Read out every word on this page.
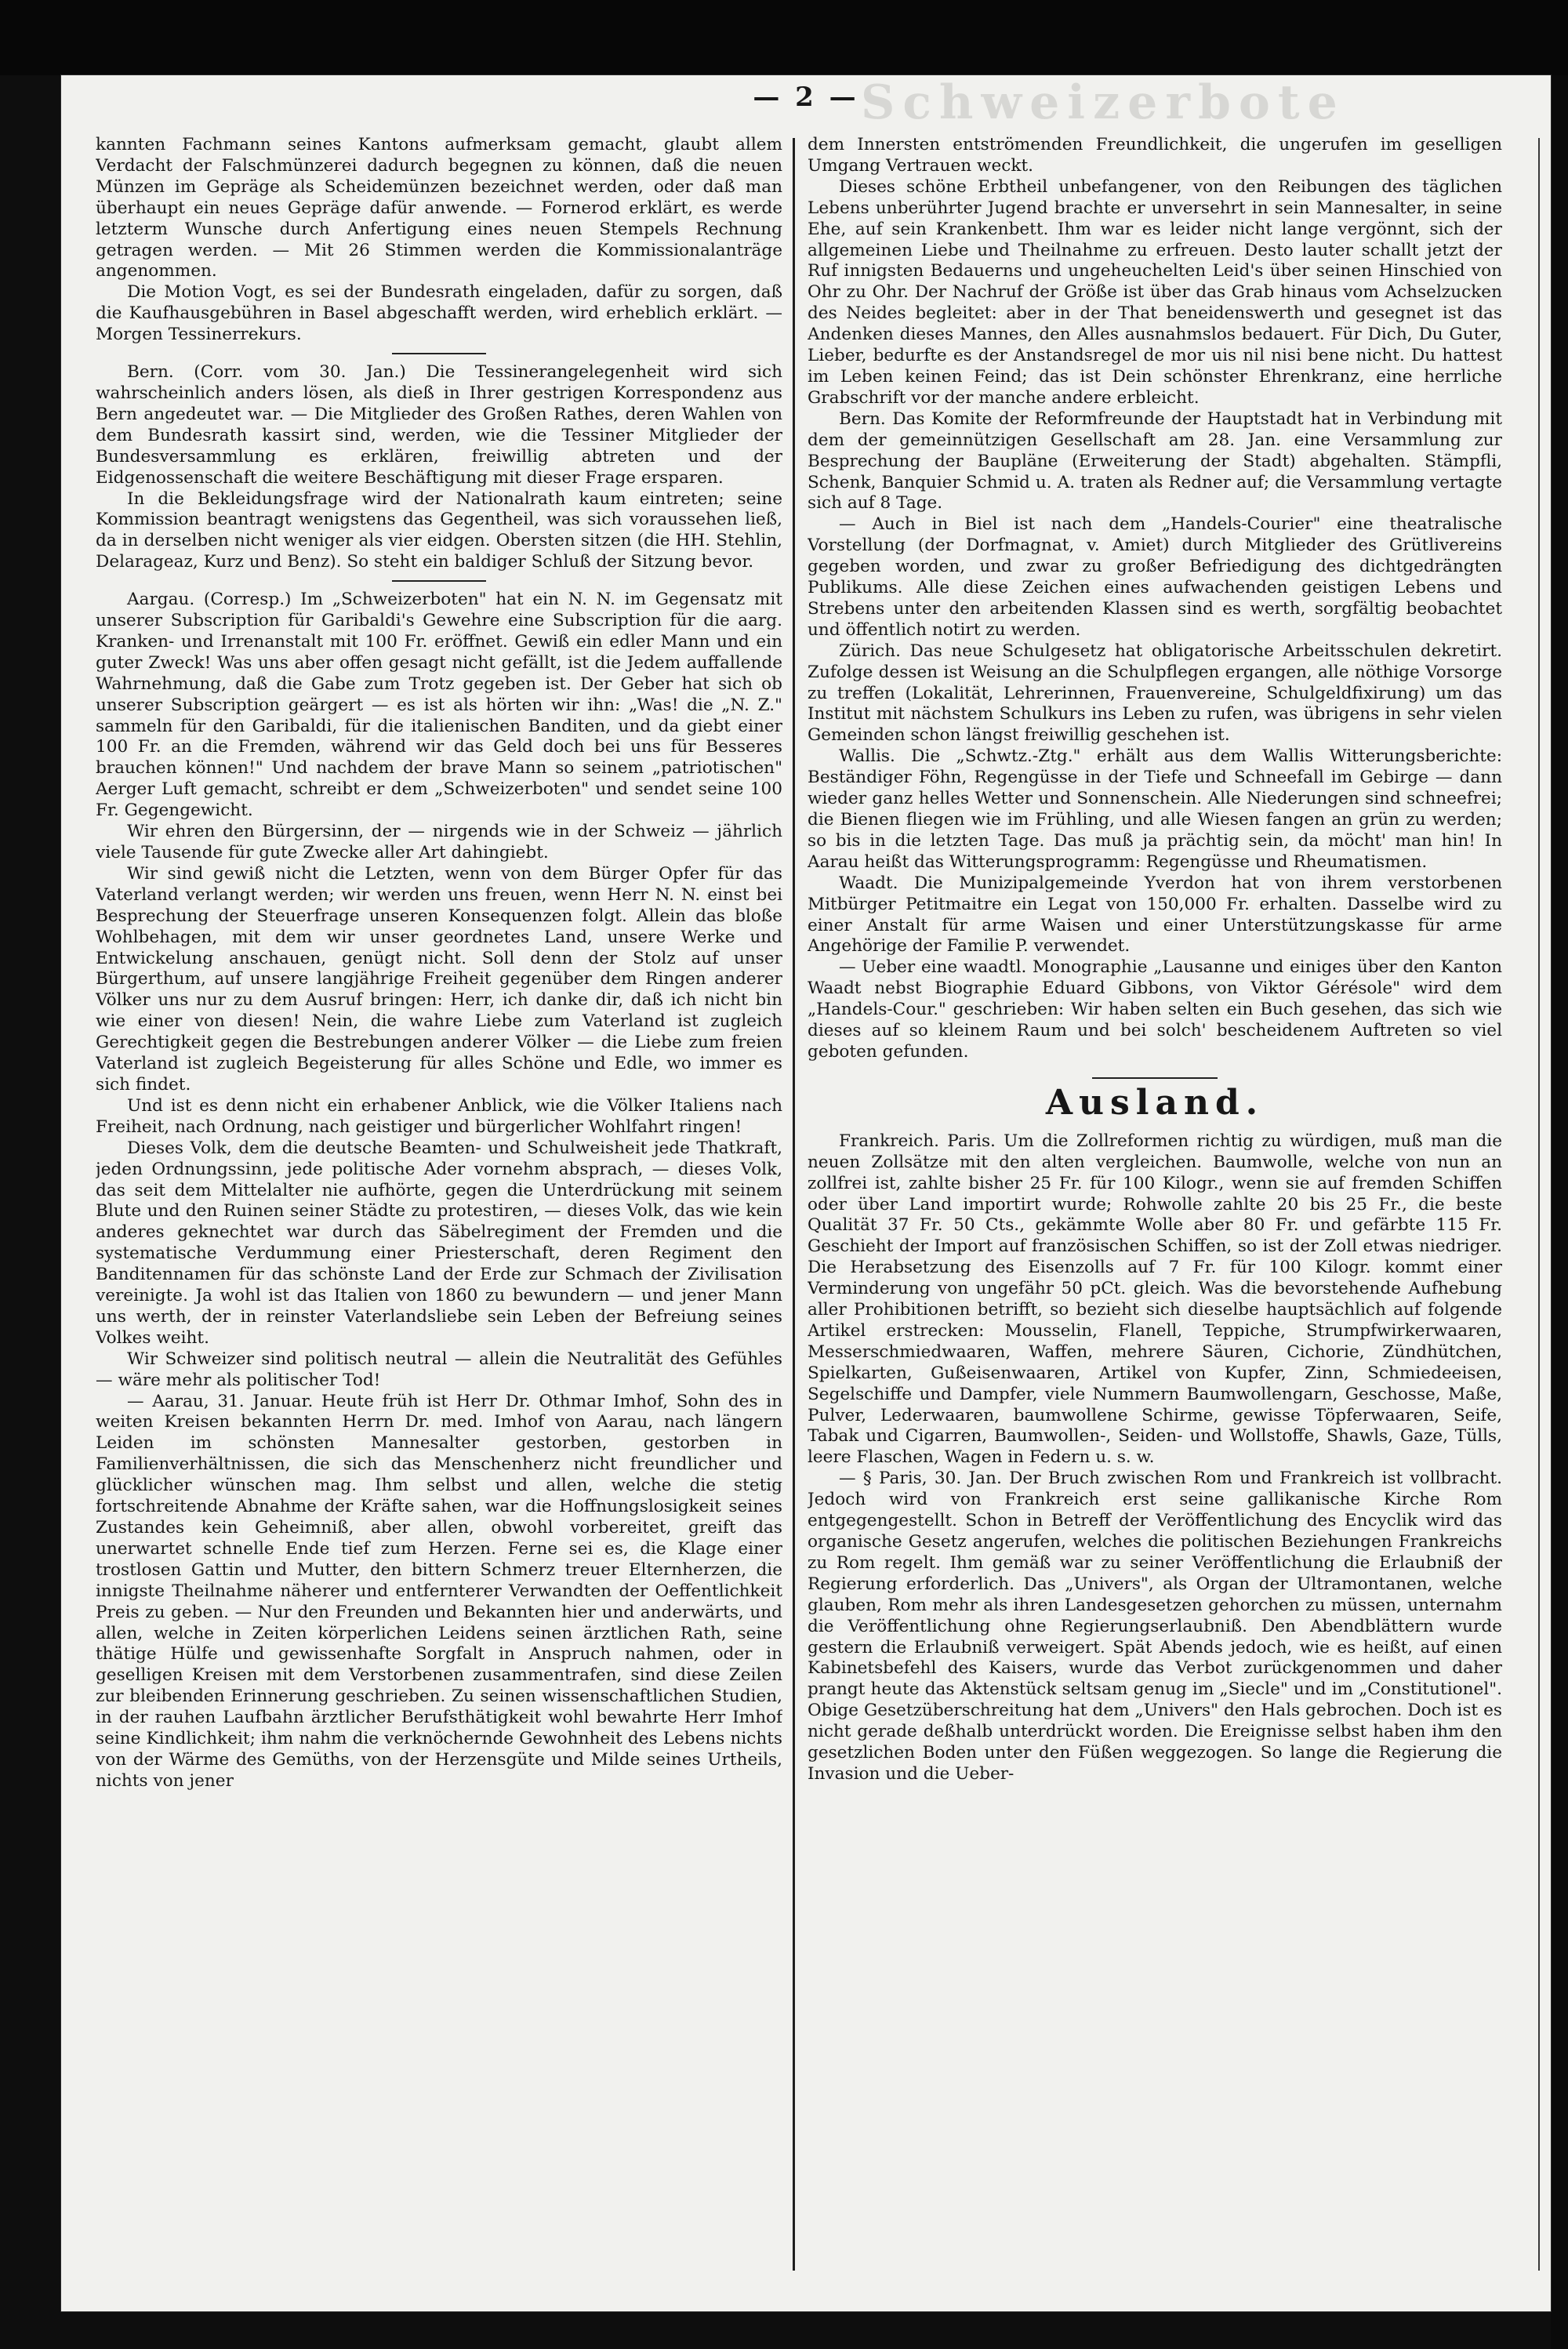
Schweizerbote
— 2 —

kannten Fachmann seines Kantons aufmerksam gemacht, glaubt allem Verdacht der Falschmünzerei dadurch begegnen zu können, daß die neuen Münzen im Gepräge als Scheidemünzen bezeichnet werden, oder daß man überhaupt ein neues Gepräge dafür anwende. — Fornerod erklärt, es werde letzterm Wunsche durch Anfertigung eines neuen Stempels Rechnung getragen werden. — Mit 26 Stimmen werden die Kommissionalanträge angenommen.

Die Motion Vogt, es sei der Bundesrath eingeladen, dafür zu sorgen, daß die Kaufhausgebühren in Basel abgeschafft werden, wird erheblich erklärt. — Morgen Tessinerrekurs.

Bern. (Corr. vom 30. Jan.) Die Tessinerangelegenheit wird sich wahrscheinlich anders lösen, als dieß in Ihrer gestrigen Korrespondenz aus Bern angedeutet war. — Die Mitglieder des Großen Rathes, deren Wahlen von dem Bundesrath kassirt sind, werden, wie die Tessiner Mitglieder der Bundesversammlung es erklären, freiwillig abtreten und der Eidgenossenschaft die weitere Beschäftigung mit dieser Frage ersparen.

In die Bekleidungsfrage wird der Nationalrath kaum eintreten; seine Kommission beantragt wenigstens das Gegentheil, was sich voraussehen ließ, da in derselben nicht weniger als vier eidgen. Obersten sitzen (die HH. Stehlin, Delarageaz, Kurz und Benz). So steht ein baldiger Schluß der Sitzung bevor.

Aargau. (Corresp.) Im „Schweizerboten" hat ein N. N. im Gegensatz mit unserer Subscription für Garibaldi's Gewehre eine Subscription für die aarg. Kranken- und Irrenanstalt mit 100 Fr. eröffnet. Gewiß ein edler Mann und ein guter Zweck! Was uns aber offen gesagt nicht gefällt, ist die Jedem auffallende Wahrnehmung, daß die Gabe zum Trotz gegeben ist. Der Geber hat sich ob unserer Subscription geärgert — es ist als hörten wir ihn: „Was! die „N. Z." sammeln für den Garibaldi, für die italienischen Banditen, und da giebt einer 100 Fr. an die Fremden, während wir das Geld doch bei uns für Besseres brauchen können!" Und nachdem der brave Mann so seinem „patriotischen" Aerger Luft gemacht, schreibt er dem „Schweizerboten" und sendet seine 100 Fr. Gegengewicht.

Wir ehren den Bürgersinn, der — nirgends wie in der Schweiz — jährlich viele Tausende für gute Zwecke aller Art dahingiebt.

Wir sind gewiß nicht die Letzten, wenn von dem Bürger Opfer für das Vaterland verlangt werden; wir werden uns freuen, wenn Herr N. N. einst bei Besprechung der Steuerfrage unseren Konsequenzen folgt. Allein das bloße Wohlbehagen, mit dem wir unser geordnetes Land, unsere Werke und Entwickelung anschauen, genügt nicht. Soll denn der Stolz auf unser Bürgerthum, auf unsere langjährige Freiheit gegenüber dem Ringen anderer Völker uns nur zu dem Ausruf bringen: Herr, ich danke dir, daß ich nicht bin wie einer von diesen! Nein, die wahre Liebe zum Vaterland ist zugleich Gerechtigkeit gegen die Bestrebungen anderer Völker — die Liebe zum freien Vaterland ist zugleich Begeisterung für alles Schöne und Edle, wo immer es sich findet.

Und ist es denn nicht ein erhabener Anblick, wie die Völker Italiens nach Freiheit, nach Ordnung, nach geistiger und bürgerlicher Wohlfahrt ringen!

Dieses Volk, dem die deutsche Beamten- und Schulweisheit jede Thatkraft, jeden Ordnungssinn, jede politische Ader vornehm absprach, — dieses Volk, das seit dem Mittelalter nie aufhörte, gegen die Unterdrückung mit seinem Blute und den Ruinen seiner Städte zu protestiren, — dieses Volk, das wie kein anderes geknechtet war durch das Säbelregiment der Fremden und die systematische Verdummung einer Priesterschaft, deren Regiment den Banditennamen für das schönste Land der Erde zur Schmach der Zivilisation vereinigte. Ja wohl ist das Italien von 1860 zu bewundern — und jener Mann uns werth, der in reinster Vaterlandsliebe sein Leben der Befreiung seines Volkes weiht.

Wir Schweizer sind politisch neutral — allein die Neutralität des Gefühles — wäre mehr als politischer Tod!

— Aarau, 31. Januar. Heute früh ist Herr Dr. Othmar Imhof, Sohn des in weiten Kreisen bekannten Herrn Dr. med. Imhof von Aarau, nach längern Leiden im schönsten Mannesalter gestorben, gestorben in Familienverhältnissen, die sich das Menschenherz nicht freundlicher und glücklicher wünschen mag. Ihm selbst und allen, welche die stetig fortschreitende Abnahme der Kräfte sahen, war die Hoffnungslosigkeit seines Zustandes kein Geheimniß, aber allen, obwohl vorbereitet, greift das unerwartet schnelle Ende tief zum Herzen. Ferne sei es, die Klage einer trostlosen Gattin und Mutter, den bittern Schmerz treuer Elternherzen, die innigste Theilnahme näherer und entfernterer Verwandten der Oeffentlichkeit Preis zu geben. — Nur den Freunden und Bekannten hier und anderwärts, und allen, welche in Zeiten körperlichen Leidens seinen ärztlichen Rath, seine thätige Hülfe und gewissenhafte Sorgfalt in Anspruch nahmen, oder in geselligen Kreisen mit dem Verstorbenen zusammentrafen, sind diese Zeilen zur bleibenden Erinnerung geschrieben. Zu seinen wissenschaftlichen Studien, in der rauhen Laufbahn ärztlicher Berufsthätigkeit wohl bewahrte Herr Imhof seine Kindlichkeit; ihm nahm die verknöchernde Gewohnheit des Lebens nichts von der Wärme des Gemüths, von der Herzensgüte und Milde seines Urtheils, nichts von jener

dem Innersten entströmenden Freundlichkeit, die ungerufen im geselligen Umgang Vertrauen weckt.

Dieses schöne Erbtheil unbefangener, von den Reibungen des täglichen Lebens unberührter Jugend brachte er unversehrt in sein Mannesalter, in seine Ehe, auf sein Krankenbett. Ihm war es leider nicht lange vergönnt, sich der allgemeinen Liebe und Theilnahme zu erfreuen. Desto lauter schallt jetzt der Ruf innigsten Bedauerns und ungeheuchelten Leid's über seinen Hinschied von Ohr zu Ohr. Der Nachruf der Größe ist über das Grab hinaus vom Achselzucken des Neides begleitet: aber in der That beneidenswerth und gesegnet ist das Andenken dieses Mannes, den Alles ausnahmslos bedauert. Für Dich, Du Guter, Lieber, bedurfte es der Anstandsregel de mor uis nil nisi bene nicht. Du hattest im Leben keinen Feind; das ist Dein schönster Ehrenkranz, eine herrliche Grabschrift vor der manche andere erbleicht.

Bern. Das Komite der Reformfreunde der Hauptstadt hat in Verbindung mit dem der gemeinnützigen Gesellschaft am 28. Jan. eine Versammlung zur Besprechung der Baupläne (Erweiterung der Stadt) abgehalten. Stämpfli, Schenk, Banquier Schmid u. A. traten als Redner auf; die Versammlung vertagte sich auf 8 Tage.

— Auch in Biel ist nach dem „Handels-Courier" eine theatralische Vorstellung (der Dorfmagnat, v. Amiet) durch Mitglieder des Grütlivereins gegeben worden, und zwar zu großer Befriedigung des dichtgedrängten Publikums. Alle diese Zeichen eines aufwachenden geistigen Lebens und Strebens unter den arbeitenden Klassen sind es werth, sorgfältig beobachtet und öffentlich notirt zu werden.

Zürich. Das neue Schulgesetz hat obligatorische Arbeitsschulen dekretirt. Zufolge dessen ist Weisung an die Schulpflegen ergangen, alle nöthige Vorsorge zu treffen (Lokalität, Lehrerinnen, Frauenvereine, Schulgeldfixirung) um das Institut mit nächstem Schulkurs ins Leben zu rufen, was übrigens in sehr vielen Gemeinden schon längst freiwillig geschehen ist.

Wallis. Die „Schwtz.-Ztg." erhält aus dem Wallis Witterungsberichte: Beständiger Föhn, Regengüsse in der Tiefe und Schneefall im Gebirge — dann wieder ganz helles Wetter und Sonnenschein. Alle Niederungen sind schneefrei; die Bienen fliegen wie im Frühling, und alle Wiesen fangen an grün zu werden; so bis in die letzten Tage. Das muß ja prächtig sein, da möcht' man hin! In Aarau heißt das Witterungsprogramm: Regengüsse und Rheumatismen.

Waadt. Die Munizipalgemeinde Yverdon hat von ihrem verstorbenen Mitbürger Petitmaitre ein Legat von 150,000 Fr. erhalten. Dasselbe wird zu einer Anstalt für arme Waisen und einer Unterstützungskasse für arme Angehörige der Familie P. verwendet.

— Ueber eine waadtl. Monographie „Lausanne und einiges über den Kanton Waadt nebst Biographie Eduard Gibbons, von Viktor Gérésole" wird dem „Handels-Cour." geschrieben: Wir haben selten ein Buch gesehen, das sich wie dieses auf so kleinem Raum und bei solch' bescheidenem Auftreten so viel geboten gefunden.

Ausland.

Frankreich. Paris. Um die Zollreformen richtig zu würdigen, muß man die neuen Zollsätze mit den alten vergleichen. Baumwolle, welche von nun an zollfrei ist, zahlte bisher 25 Fr. für 100 Kilogr., wenn sie auf fremden Schiffen oder über Land importirt wurde; Rohwolle zahlte 20 bis 25 Fr., die beste Qualität 37 Fr. 50 Cts., gekämmte Wolle aber 80 Fr. und gefärbte 115 Fr. Geschieht der Import auf französischen Schiffen, so ist der Zoll etwas niedriger. Die Herabsetzung des Eisenzolls auf 7 Fr. für 100 Kilogr. kommt einer Verminderung von ungefähr 50 pCt. gleich. Was die bevorstehende Aufhebung aller Prohibitionen betrifft, so bezieht sich dieselbe hauptsächlich auf folgende Artikel erstrecken: Mousselin, Flanell, Teppiche, Strumpfwirkerwaaren, Messerschmiedwaaren, Waffen, mehrere Säuren, Cichorie, Zündhütchen, Spielkarten, Gußeisenwaaren, Artikel von Kupfer, Zinn, Schmiedeeisen, Segelschiffe und Dampfer, viele Nummern Baumwollengarn, Geschosse, Maße, Pulver, Lederwaaren, baumwollene Schirme, gewisse Töpferwaaren, Seife, Tabak und Cigarren, Baumwollen-, Seiden- und Wollstoffe, Shawls, Gaze, Tülls, leere Flaschen, Wagen in Federn u. s. w.

— § Paris, 30. Jan. Der Bruch zwischen Rom und Frankreich ist vollbracht. Jedoch wird von Frankreich erst seine gallikanische Kirche Rom entgegengestellt. Schon in Betreff der Veröffentlichung des Encyclik wird das organische Gesetz angerufen, welches die politischen Beziehungen Frankreichs zu Rom regelt. Ihm gemäß war zu seiner Veröffentlichung die Erlaubniß der Regierung erforderlich. Das „Univers", als Organ der Ultramontanen, welche glauben, Rom mehr als ihren Landesgesetzen gehorchen zu müssen, unternahm die Veröffentlichung ohne Regierungserlaubniß. Den Abendblättern wurde gestern die Erlaubniß verweigert. Spät Abends jedoch, wie es heißt, auf einen Kabinetsbefehl des Kaisers, wurde das Verbot zurückgenommen und daher prangt heute das Aktenstück seltsam genug im „Siecle" und im „Constitutionel". Obige Gesetzüberschreitung hat dem „Univers" den Hals gebrochen. Doch ist es nicht gerade deßhalb unterdrückt worden. Die Ereignisse selbst haben ihm den gesetzlichen Boden unter den Füßen weggezogen. So lange die Regierung die Invasion und die Ueber-
